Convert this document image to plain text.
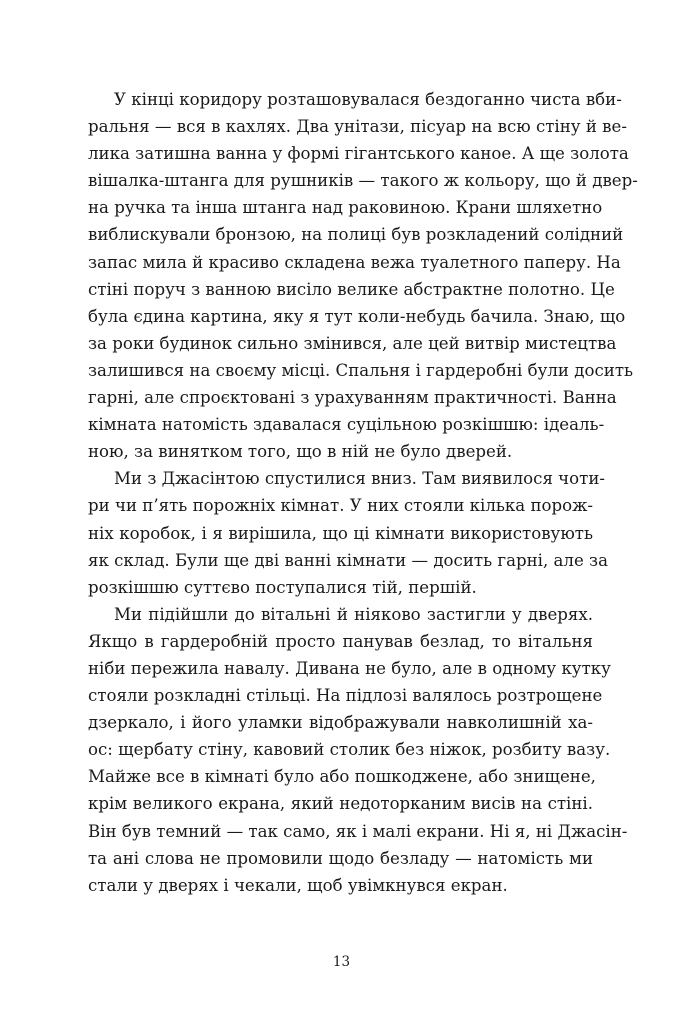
У кінці коридору розташовувалася бездоганно чиста вби-
ральня — вся в кахлях. Два унітази, пісуар на всю стіну й ве-
лика затишна ванна у формі гігантського каное. А ще золота
вішалка-штанга для рушників — такого ж кольору, що й двер-
на ручка та інша штанга над раковиною. Крани шляхетно
виблискували бронзою, на полиці був розкладений солідний
запас мила й красиво складена вежа туалетного паперу. На
стіні поруч з ванною висіло велике абстрактне полотно. Це
була єдина картина, яку я тут коли-небудь бачила. Знаю, що
за роки будинок сильно змінився, але цей витвір мистецтва
залишився на своєму місці. Спальня і гардеробні були досить
гарні, але спроєктовані з урахуванням практичності. Ванна
кімната натомість здавалася суцільною розкішшю: ідеаль-
ною, за винятком того, що в ній не було дверей.
Ми з Джасінтою спустилися вниз. Там виявилося чоти-
ри чи п’ять порожніх кімнат. У них стояли кілька порож-
ніх коробок, і я вирішила, що ці кімнати використовують
як склад. Були ще дві ванні кімнати — досить гарні, але за
розкішшю суттєво поступалися тій, першій.
Ми підійшли до вітальні й ніяково застигли у дверях.
Якщо в гардеробній просто панував безлад, то вітальня
ніби пережила навалу. Дивана не було, але в одному кутку
стояли розкладні стільці. На підлозі валялось розтрощене
дзеркало, і його уламки відображували навколишній ха-
ос: щербату стіну, кавовий столик без ніжок, розбиту вазу.
Майже все в кімнаті було або пошкоджене, або знищене,
крім великого екрана, який недоторканим висів на стіні.
Він був темний — так само, як і малі екрани. Ні я, ні Джасін-
та ані слова не промовили щодо безладу — натомість ми
стали у дверях і чекали, щоб увімкнувся екран.
13
